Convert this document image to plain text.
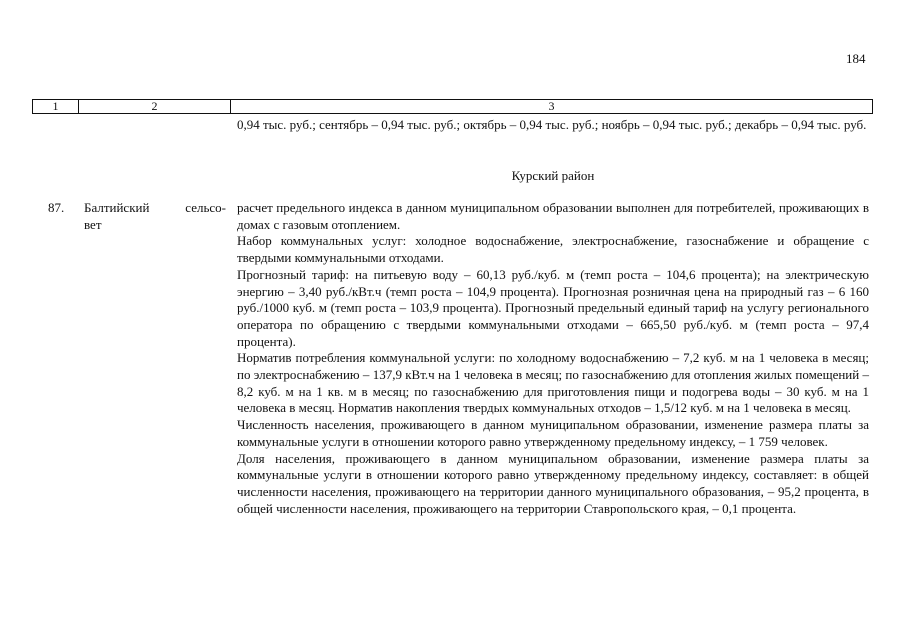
184
1	2	3

0,94 тыс. руб.; сентябрь – 0,94 тыс. руб.; октябрь – 0,94 тыс. руб.; ноябрь – 0,94 тыс. руб.; декабрь – 0,94 тыс. руб.

Курский район
87. Балтийский сельсо-
вет

расчет предельного индекса в данном муниципальном образовании выполнен для потребителей, проживающих в домах с газовым отоплением.

Набор коммунальных услуг: холодное водоснабжение, электроснабжение, газоснабжение и обращение с твердыми коммунальными отходами.

Прогнозный тариф: на питьевую воду – 60,13 руб./куб. м (темп роста – 104,6 процента); на электрическую энергию – 3,40 руб./кВт.ч (темп роста – 104,9 процента). Прогнозная розничная цена на природный газ – 6 160 руб./1000 куб. м (темп роста – 103,9 процента). Прогнозный предельный единый тариф на услугу регионального оператора по обращению с твердыми коммунальными отходами – 665,50 руб./куб. м (темп роста – 97,4 процента).

Норматив потребления коммунальной услуги: по холодному водоснабжению – 7,2 куб. м на 1 человека в месяц; по электроснабжению – 137,9 кВт.ч на 1 человека в месяц; по газоснабжению для отопления жилых помещений – 8,2 куб. м на 1 кв. м в месяц; по газоснабжению для приготовления пищи и подогрева воды – 30 куб. м на 1 человека в месяц. Норматив накопления твердых коммунальных отходов – 1,5/12 куб. м на 1 человека в месяц.

Численность населения, проживающего в данном муниципальном образовании, изменение размера платы за коммунальные услуги в отношении которого равно утвержденному предельному индексу, – 1 759 человек.

Доля населения, проживающего в данном муниципальном образовании, изменение размера платы за коммунальные услуги в отношении которого равно утвержденному предельному индексу, составляет: в общей численности населения, проживающего на территории данного муниципального образования, – 95,2 процента, в общей численности населения, проживающего на территории Ставропольского края, – 0,1 процента.
